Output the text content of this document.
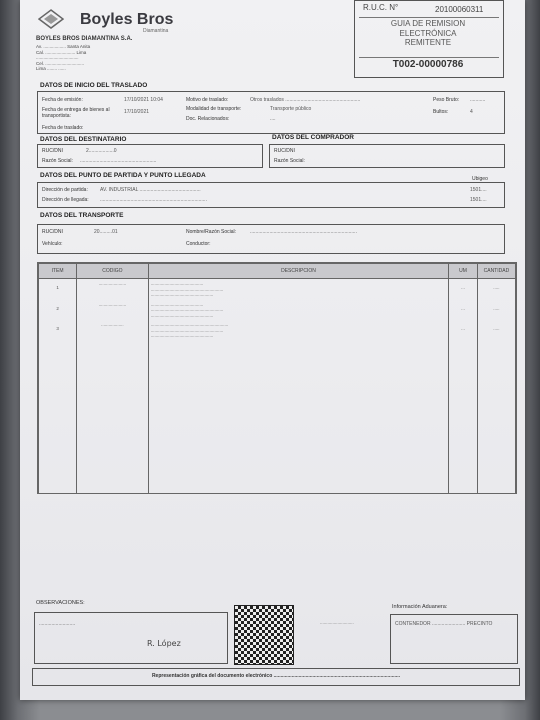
Boyles Bros
Diamantina
BOYLES BROS DIAMANTINA S.A.
Av. .................. Santa Anita
Cal. ........................ Lima
..................................
Cel. ...............................
Lima ........ ......
R.U.C. N°	20100060311
GUIA DE REMISION
ELECTRÓNICA
REMITENTE
T002-00000786
...................................................
DATOS DE INICIO DEL TRASLADO
Fecha de emisión:	17/10/2021 10:04
Fecha de entrega de bienes al transportista:
17/10/2021
Fecha de traslado:
Motivo de traslado:	Otros traslados ......................................................
Modalidad de transporte:	Transporte público
Doc. Relacionados:	....
Peso Bruto: ...........
Bultos:	4
DATOS DEL DESTINATARIO	DATOS DEL COMPRADOR
RUC/DNI	2..................0
Razón Social: .......................................................
RUC/DNI
Razón Social:
DATOS DEL PUNTO DE PARTIDA Y PUNTO LLEGADA	Ubigeo
Dirección de partida: AV. INDUSTRIAL ............................................	1501....
Dirección de llegada: .............................................................................	1501....
DATOS DEL TRANSPORTE
RUC/DNI	20.........01	Nombre/Razón Social:	.............................................................................
Vehículo:	Conductor:
ITEM	CODIGO	DESCRIPCION	UM	CANTIDAD
1	......................	..........................................
..........................................................
..................................................	...	.....
2	......................	..........................................
..........................................................
..................................................	...	.....
3	..................	..............................................................
..........................................................
..................................................	...	.....
OBSERVACIONES:
..........................
R. López
...........................
Información Aduanera:
CONTENEDOR ........................ PRECINTO
Representación gráfica del documento electrónico ...........................................................................................
